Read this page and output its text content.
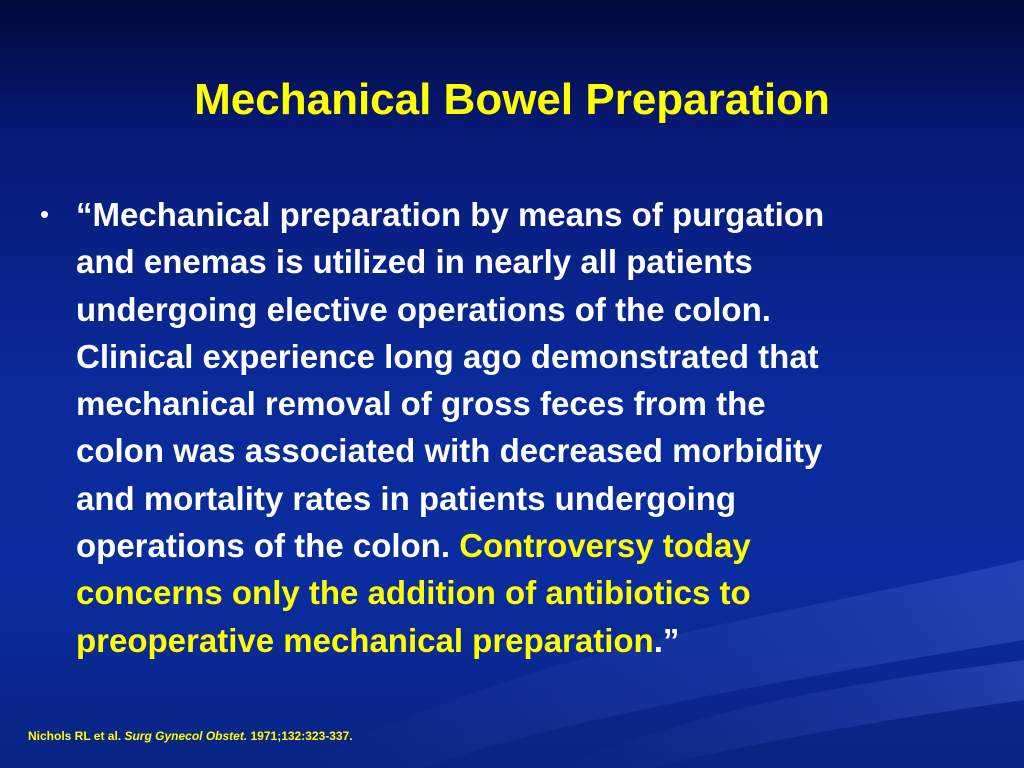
Mechanical Bowel Preparation
• “Mechanical preparation by means of purgation
and enemas is utilized in nearly all patients
undergoing elective operations of the colon.
Clinical experience long ago demonstrated that
mechanical removal of gross feces from the
colon was associated with decreased morbidity
and mortality rates in patients undergoing
operations of the colon. Controversy today
concerns only the addition of antibiotics to
preoperative mechanical preparation.”
Nichols RL et al. Surg Gynecol Obstet. 1971;132:323-337.
